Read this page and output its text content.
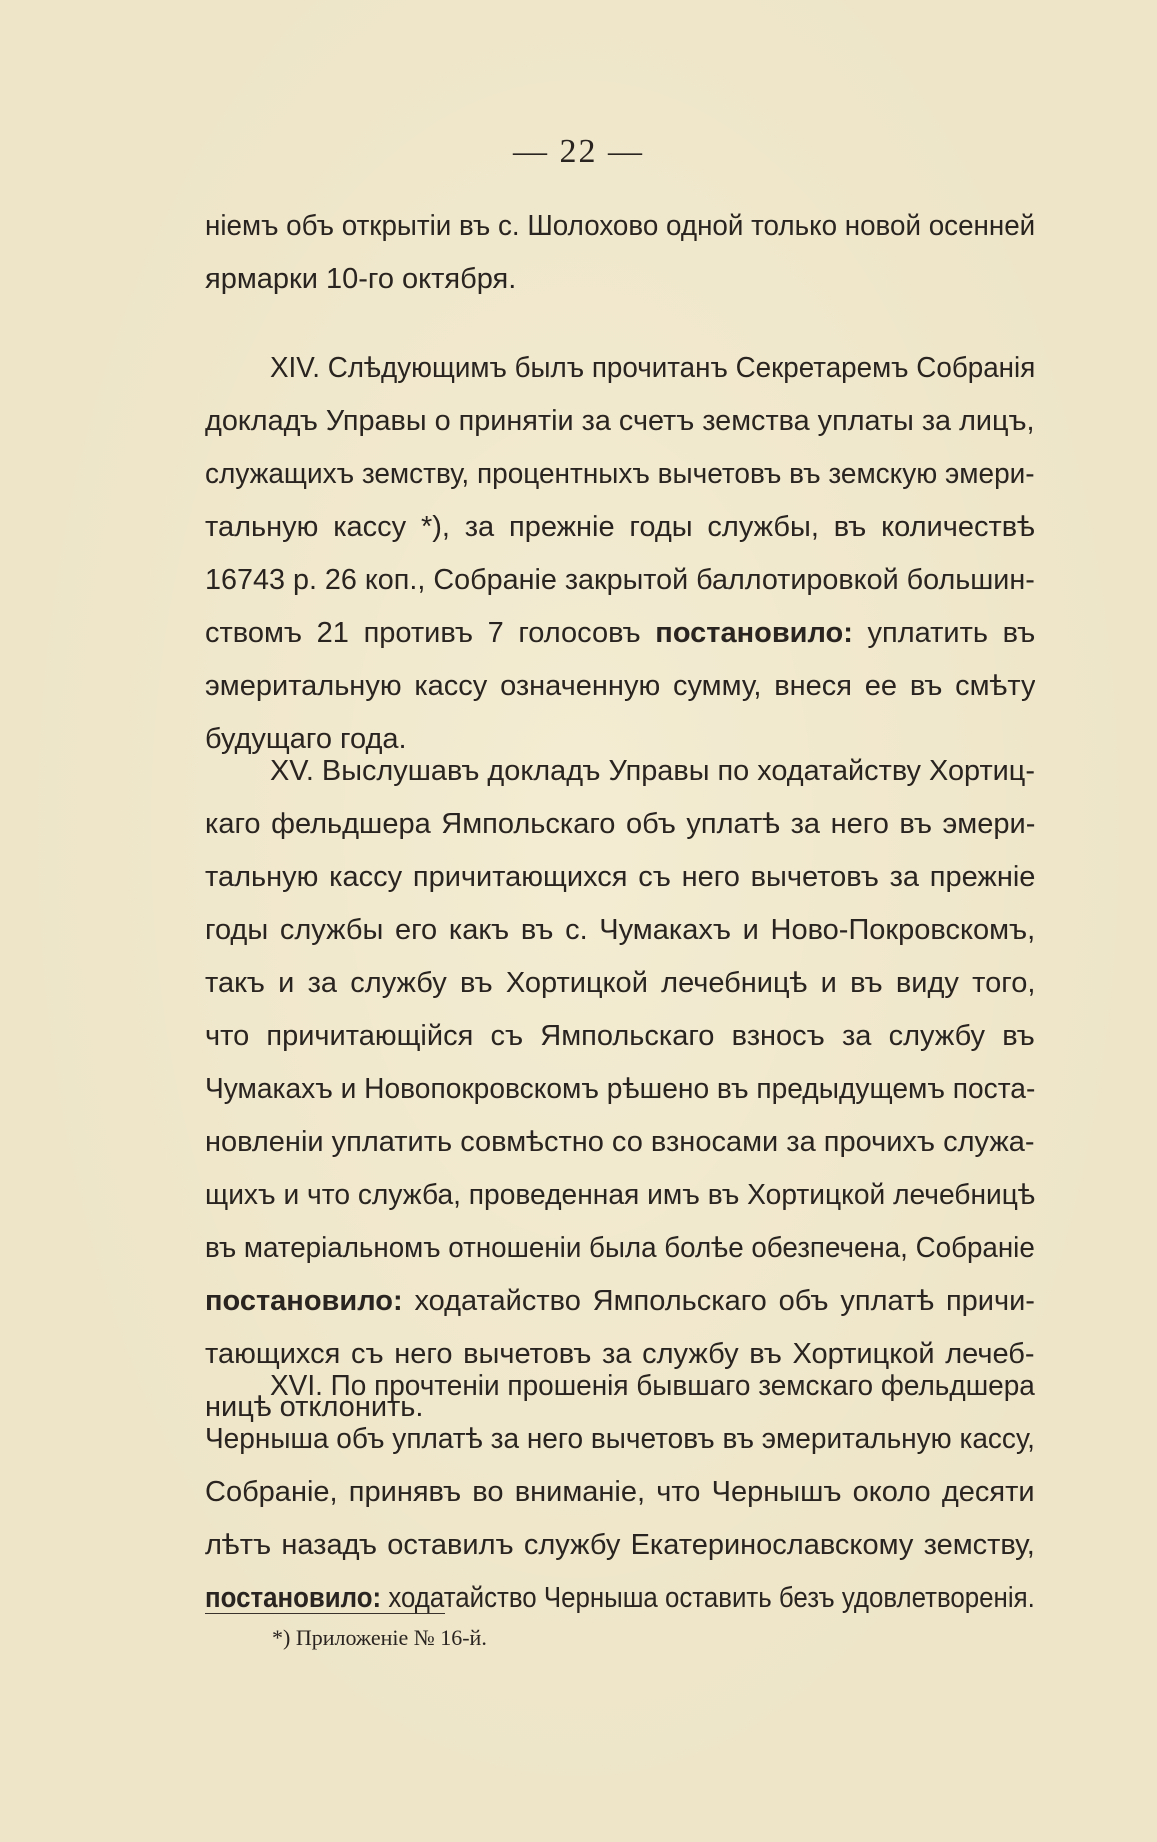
— 22 —
ніемъ объ открытіи въ с. Шолохово одной только новой осенней
ярмарки 10-го октября.
XIV. Слѣдующимъ былъ прочитанъ Секретаремъ Собранія
докладъ Управы о принятіи за счетъ земства уплаты за лицъ,
служащихъ земству, процентныхъ вычетовъ въ земскую эмери-
тальную кассу *), за прежніе годы службы, въ количествѣ
16743 р. 26 коп., Собраніе закрытой баллотировкой большин-
ствомъ 21 противъ 7 голосовъ постановило: уплатить въ
эмеритальную кассу означенную сумму, внеся ее въ смѣту
будущаго года.
XV. Выслушавъ докладъ Управы по ходатайству Хортиц-
каго фельдшера Ямпольскаго объ уплатѣ за него въ эмери-
тальную кассу причитающихся съ него вычетовъ за прежніе
годы службы его какъ въ с. Чумакахъ и Ново-Покровскомъ,
такъ и за службу въ Хортицкой лечебницѣ и въ виду того,
что причитающійся съ Ямпольскаго взносъ за службу въ
Чумакахъ и Новопокровскомъ рѣшено въ предыдущемъ поста-
новленіи уплатить совмѣстно со взносами за прочихъ служа-
щихъ и что служба, проведенная имъ въ Хортицкой лечебницѣ
въ матеріальномъ отношеніи была болѣе обезпечена, Собраніе
постановило: ходатайство Ямпольскаго объ уплатѣ причи-
тающихся съ него вычетовъ за службу въ Хортицкой лечеб-
ницѣ отклонить.
XVI. По прочтеніи прошенія бывшаго земскаго фельдшера
Черныша объ уплатѣ за него вычетовъ въ эмеритальную кассу,
Собраніе, принявъ во вниманіе, что Чернышъ около десяти
лѣтъ назадъ оставилъ службу Екатеринославскому земству,
постановило: ходатайство Черныша оставить безъ удовлетворенія.
*) Приложеніе № 16-й.
